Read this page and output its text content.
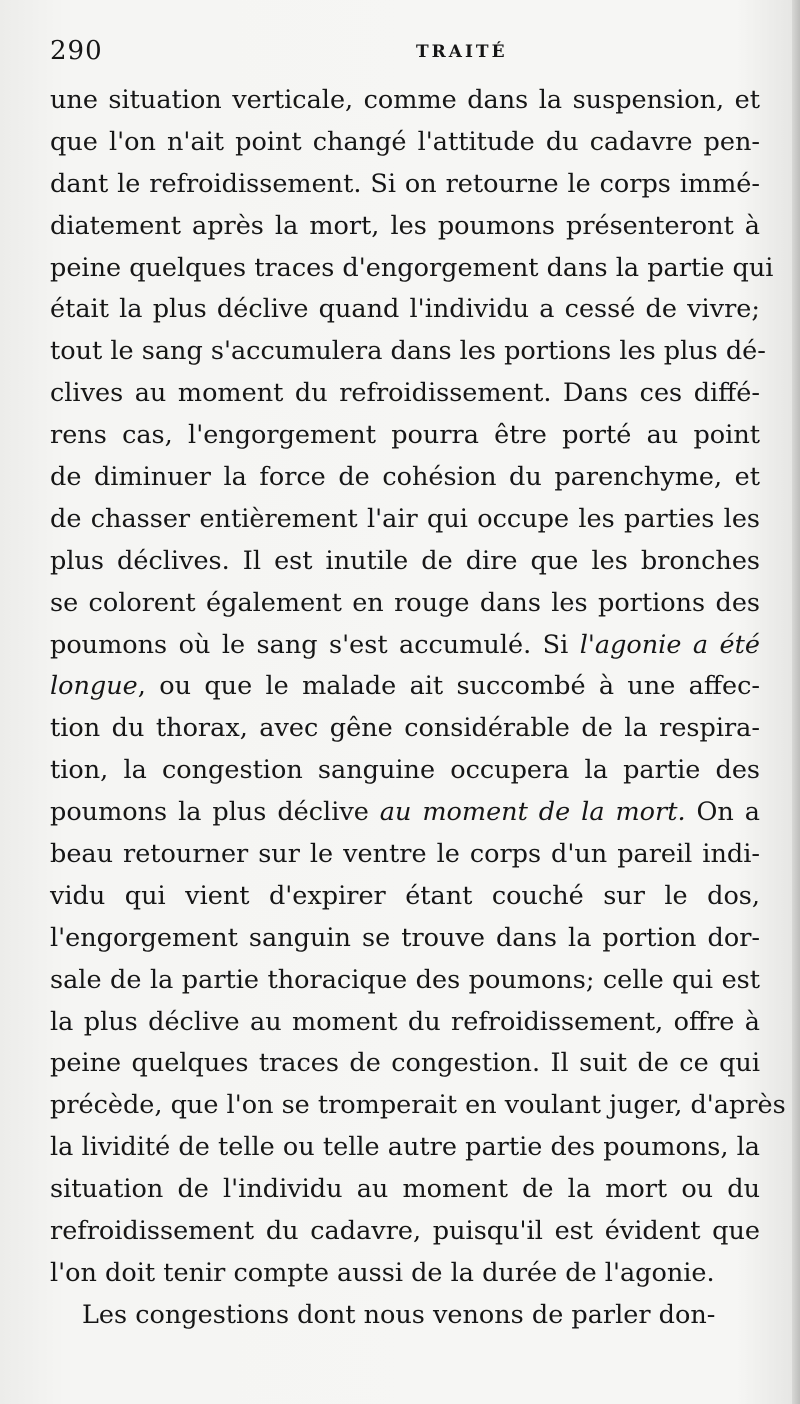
290	TRAITÉ
une situation verticale, comme dans la suspension, et
que l'on n'ait point changé l'attitude du cadavre pen-
dant le refroidissement. Si on retourne le corps immé-
diatement après la mort, les poumons présenteront à
peine quelques traces d'engorgement dans la partie qui
était la plus déclive quand l'individu a cessé de vivre;
tout le sang s'accumulera dans les portions les plus dé-
clives au moment du refroidissement. Dans ces diffé-
rens cas, l'engorgement pourra être porté au point
de diminuer la force de cohésion du parenchyme, et
de chasser entièrement l'air qui occupe les parties les
plus déclives. Il est inutile de dire que les bronches
se colorent également en rouge dans les portions des
poumons où le sang s'est accumulé. Si l'agonie a été
longue, ou que le malade ait succombé à une affec-
tion du thorax, avec gêne considérable de la respira-
tion, la congestion sanguine occupera la partie des
poumons la plus déclive au moment de la mort. On a
beau retourner sur le ventre le corps d'un pareil indi-
vidu qui vient d'expirer étant couché sur le dos,
l'engorgement sanguin se trouve dans la portion dor-
sale de la partie thoracique des poumons; celle qui est
la plus déclive au moment du refroidissement, offre à
peine quelques traces de congestion. Il suit de ce qui
précède, que l'on se tromperait en voulant juger, d'après
la lividité de telle ou telle autre partie des poumons, la
situation de l'individu au moment de la mort ou du
refroidissement du cadavre, puisqu'il est évident que
l'on doit tenir compte aussi de la durée de l'agonie.
Les congestions dont nous venons de parler don-
